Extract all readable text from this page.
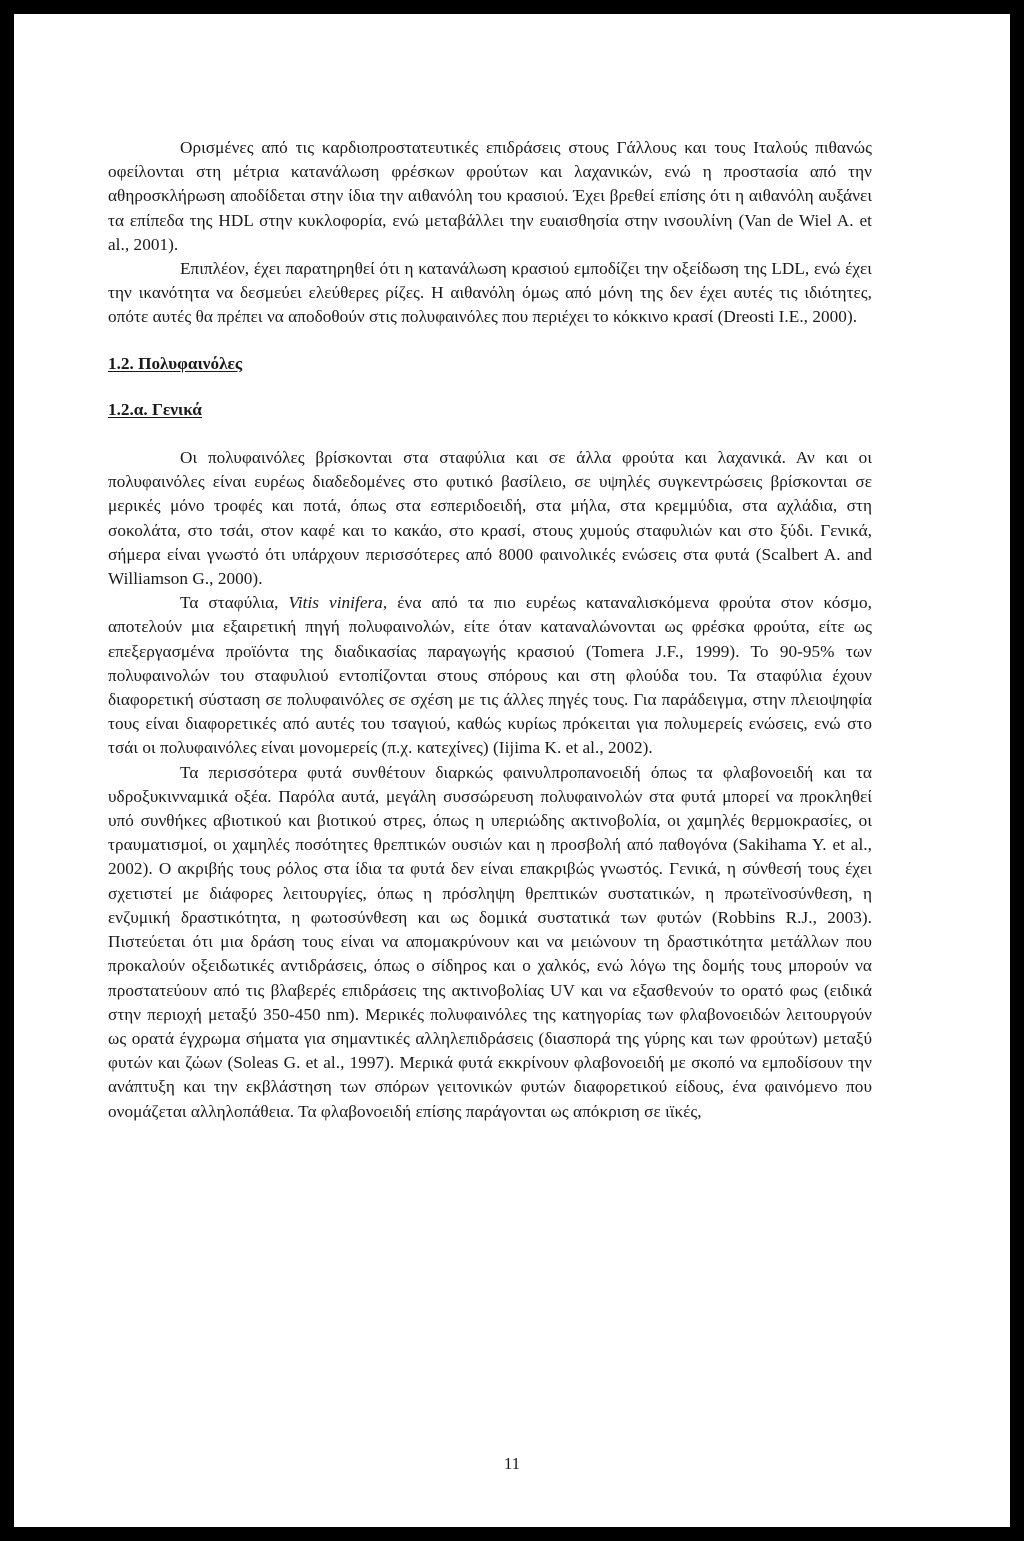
Ορισμένες από τις καρδιοπροστατευτικές επιδράσεις στους Γάλλους και τους Ιταλούς πιθανώς οφείλονται στη μέτρια κατανάλωση φρέσκων φρούτων και λαχανικών, ενώ η προστασία από την αθηροσκλήρωση αποδίδεται στην ίδια την αιθανόλη του κρασιού. Έχει βρεθεί επίσης ότι η αιθανόλη αυξάνει τα επίπεδα της HDL στην κυκλοφορία, ενώ μεταβάλλει την ευαισθησία στην ινσουλίνη (Van de Wiel A. et al., 2001).

Επιπλέον, έχει παρατηρηθεί ότι η κατανάλωση κρασιού εμποδίζει την οξείδωση της LDL, ενώ έχει την ικανότητα να δεσμεύει ελεύθερες ρίζες. Η αιθανόλη όμως από μόνη της δεν έχει αυτές τις ιδιότητες, οπότε αυτές θα πρέπει να αποδοθούν στις πολυφαινόλες που περιέχει το κόκκινο κρασί (Dreosti I.E., 2000).

1.2. Πολυφαινόλες

1.2.α. Γενικά

Οι πολυφαινόλες βρίσκονται στα σταφύλια και σε άλλα φρούτα και λαχανικά. Αν και οι πολυφαινόλες είναι ευρέως διαδεδομένες στο φυτικό βασίλειο, σε υψηλές συγκεντρώσεις βρίσκονται σε μερικές μόνο τροφές και ποτά, όπως στα εσπεριδοειδή, στα μήλα, στα κρεμμύδια, στα αχλάδια, στη σοκολάτα, στο τσάι, στον καφέ και το κακάο, στο κρασί, στους χυμούς σταφυλιών και στο ξύδι. Γενικά, σήμερα είναι γνωστό ότι υπάρχουν περισσότερες από 8000 φαινολικές ενώσεις στα φυτά (Scalbert A. and Williamson G., 2000).

Τα σταφύλια, Vitis vinifera, ένα από τα πιο ευρέως καταναλισκόμενα φρούτα στον κόσμο, αποτελούν μια εξαιρετική πηγή πολυφαινολών, είτε όταν καταναλώνονται ως φρέσκα φρούτα, είτε ως επεξεργασμένα προϊόντα της διαδικασίας παραγωγής κρασιού (Tomera J.F., 1999). Το 90-95% των πολυφαινολών του σταφυλιού εντοπίζονται στους σπόρους και στη φλούδα του. Τα σταφύλια έχουν διαφορετική σύσταση σε πολυφαινόλες σε σχέση με τις άλλες πηγές τους. Για παράδειγμα, στην πλειοψηφία τους είναι διαφορετικές από αυτές του τσαγιού, καθώς κυρίως πρόκειται για πολυμερείς ενώσεις, ενώ στο τσάι οι πολυφαινόλες είναι μονομερείς (π.χ. κατεχίνες) (Iijima K. et al., 2002).

Τα περισσότερα φυτά συνθέτουν διαρκώς φαινυλπροπανοειδή όπως τα φλαβονοειδή και τα υδροξυκινναμικά οξέα. Παρόλα αυτά, μεγάλη συσσώρευση πολυφαινολών στα φυτά μπορεί να προκληθεί υπό συνθήκες αβιοτικού και βιοτικού στρες, όπως η υπεριώδης ακτινοβολία, οι χαμηλές θερμοκρασίες, οι τραυματισμοί, οι χαμηλές ποσότητες θρεπτικών ουσιών και η προσβολή από παθογόνα (Sakihama Y. et al., 2002). Ο ακριβής τους ρόλος στα ίδια τα φυτά δεν είναι επακριβώς γνωστός. Γενικά, η σύνθεσή τους έχει σχετιστεί με διάφορες λειτουργίες, όπως η πρόσληψη θρεπτικών συστατικών, η πρωτεϊνοσύνθεση, η ενζυμική δραστικότητα, η φωτοσύνθεση και ως δομικά συστατικά των φυτών (Robbins R.J., 2003). Πιστεύεται ότι μια δράση τους είναι να απομακρύνουν και να μειώνουν τη δραστικότητα μετάλλων που προκαλούν οξειδωτικές αντιδράσεις, όπως ο σίδηρος και ο χαλκός, ενώ λόγω της δομής τους μπορούν να προστατεύουν από τις βλαβερές επιδράσεις της ακτινοβολίας UV και να εξασθενούν το ορατό φως (ειδικά στην περιοχή μεταξύ 350-450 nm). Μερικές πολυφαινόλες της κατηγορίας των φλαβονοειδών λειτουργούν ως ορατά έγχρωμα σήματα για σημαντικές αλληλεπιδράσεις (διασπορά της γύρης και των φρούτων) μεταξύ φυτών και ζώων (Soleas G. et al., 1997). Μερικά φυτά εκκρίνουν φλαβονοειδή με σκοπό να εμποδίσουν την ανάπτυξη και την εκβλάστηση των σπόρων γειτονικών φυτών διαφορετικού είδους, ένα φαινόμενο που ονομάζεται αλληλοπάθεια. Τα φλαβονοειδή επίσης παράγονται ως απόκριση σε ιϊκές,

11
